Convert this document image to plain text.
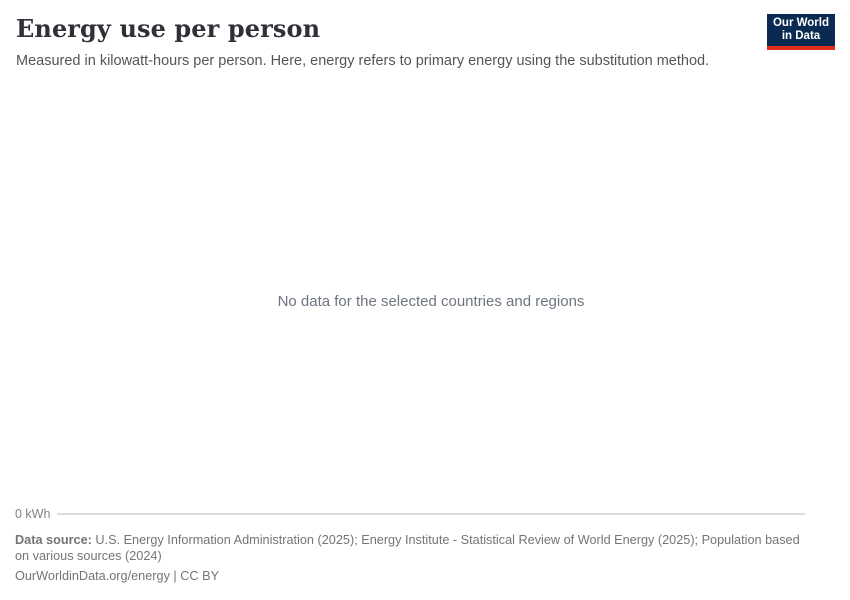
Energy use per person

Measured in kilowatt-hours per person. Here, energy refers to primary energy using the substitution method.

Our World
in Data
No data for the selected countries and regions
0 kWh

Data source: U.S. Energy Information Administration (2025); Energy Institute - Statistical Review of World Energy (2025); Population based on various sources (2024)

OurWorldinData.org/energy | CC BY
